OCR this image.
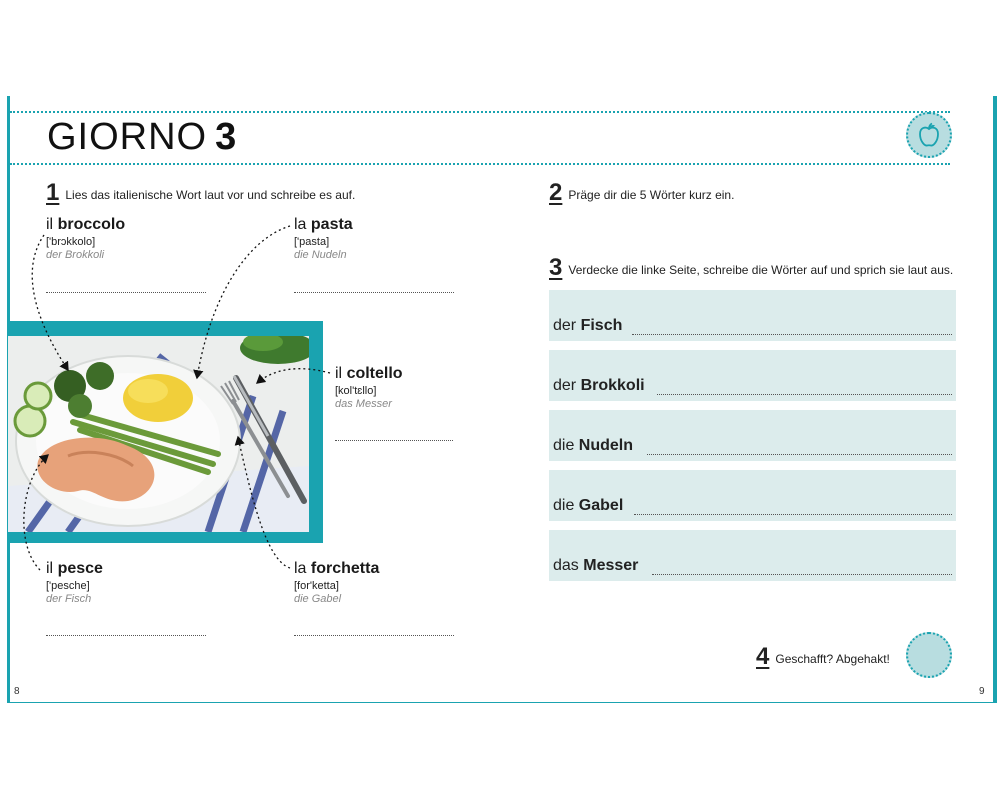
GIORNO 3
1 Lies das italienische Wort laut vor und schreibe es auf.
il broccolo
['brɔkkolo]
der Brokkoli
la pasta
['pasta]
die Nudeln
il coltello
[kol'tɛllo]
das Messer
il pesce
['pesche]
der Fisch
la forchetta
[for'ketta]
die Gabel
2 Präge dir die 5 Wörter kurz ein.
3 Verdecke die linke Seite, schreibe die Wörter auf und sprich sie laut aus.
der Fisch
der Brokkoli
die Nudeln
die Gabel
das Messer
4 Geschafft? Abgehakt!
8	9
